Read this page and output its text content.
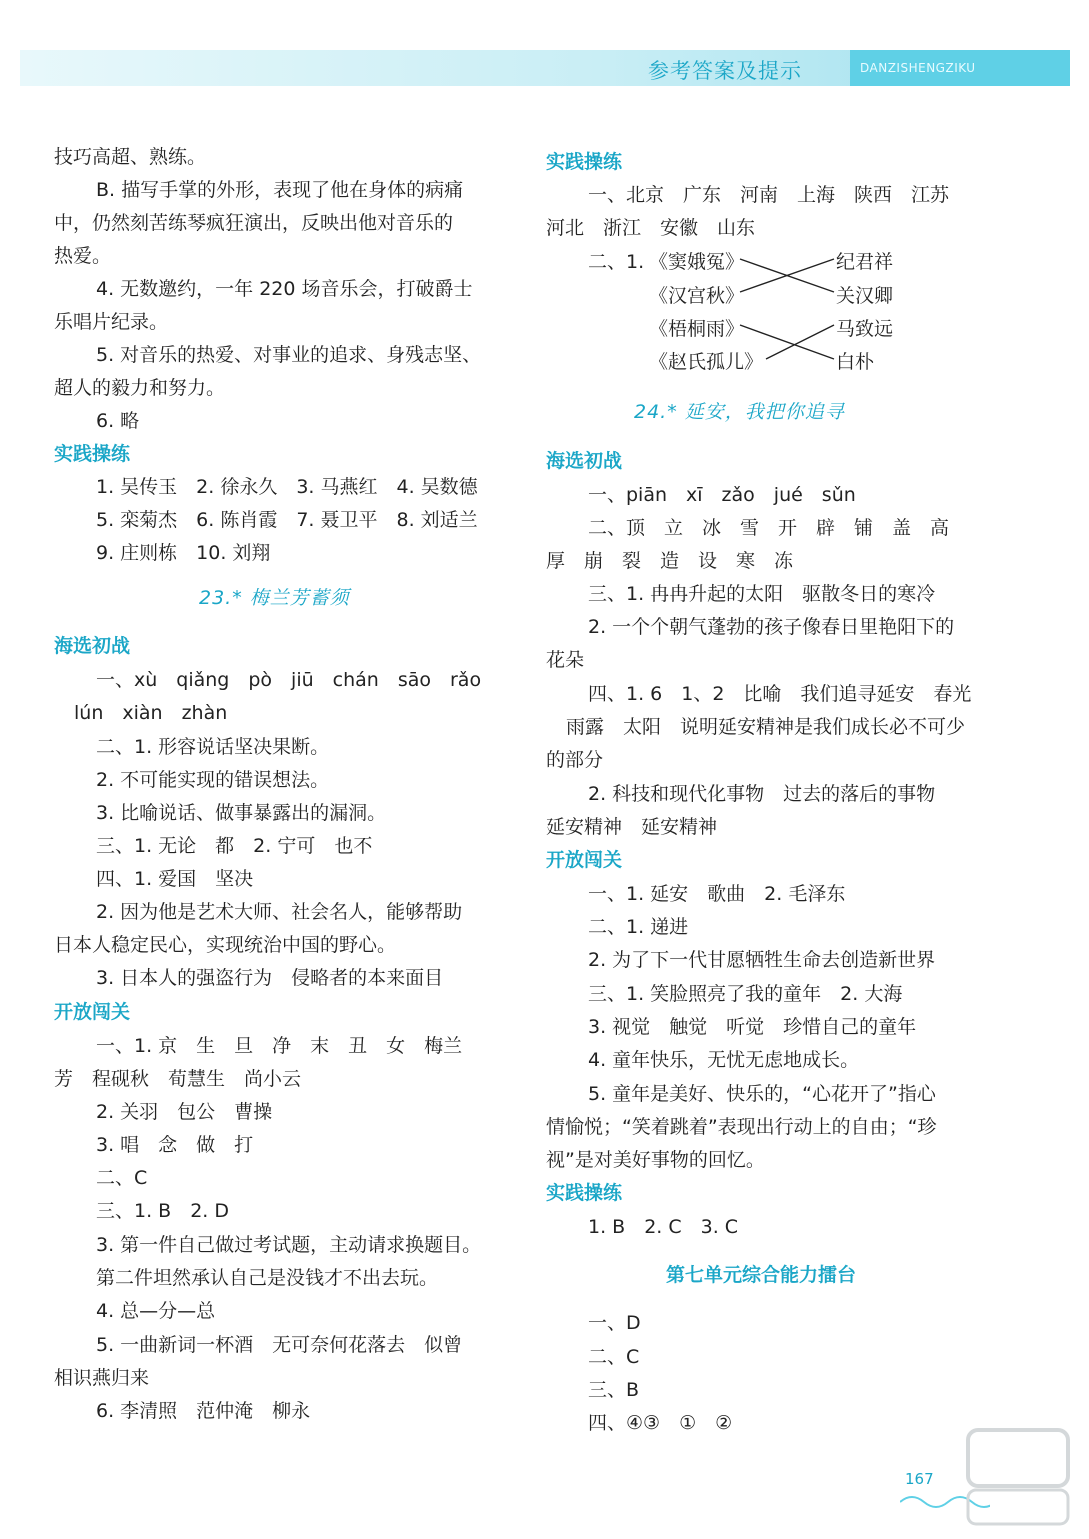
参考答案及提示	DANZISHENGZIKU
技巧高超、熟练。
B. 描写手掌的外形，表现了他在身体的病痛
中，仍然刻苦练琴疯狂演出，反映出他对音乐的
热爱。
4. 无数邀约，一年 220 场音乐会，打破爵士
乐唱片纪录。
5. 对音乐的热爱、对事业的追求、身残志坚、
超人的毅力和努力。
6. 略
实践操练
1. 吴传玉　2. 徐永久　3. 马燕红　4. 吴数德
5. 栾菊杰　6. 陈肖霞　7. 聂卫平　8. 刘适兰
9. 庄则栋　10. 刘翔
23.* 梅兰芳蓄须
海选初战
一、xù　qiǎng　pò　jiū　chán　sāo　rǎo
lún　xiàn　zhàn
二、1. 形容说话坚决果断。
2. 不可能实现的错误想法。
3. 比喻说话、做事暴露出的漏洞。
三、1. 无论　都　2. 宁可　也不
四、1. 爱国　坚决
2. 因为他是艺术大师、社会名人，能够帮助
日本人稳定民心，实现统治中国的野心。
3. 日本人的强盗行为　侵略者的本来面目
开放闯关
一、1. 京　生　旦　净　末　丑　女　梅兰
芳　程砚秋　荀慧生　尚小云
2. 关羽　包公　曹操
3. 唱　念　做　打
二、C
三、1. B　2. D
3. 第一件自己做过考试题，主动请求换题目。
第二件坦然承认自己是没钱才不出去玩。
4. 总—分—总
5. 一曲新词一杯酒　无可奈何花落去　似曾
相识燕归来
6. 李清照　范仲淹　柳永
实践操练
一、北京　广东　河南　上海　陕西　江苏
河北　浙江　安徽　山东
二、1. 《窦娥冤》
《汉宫秋》
《梧桐雨》
《赵氏孤儿》
纪君祥
关汉卿
马致远
白朴
24.* 延安，我把你追寻
海选初战
一、piān　xī　zǎo　jué　sǔn
二、顶　立　冰　雪　开　辟　铺　盖　高
厚　崩　裂　造　设　寒　冻
三、1. 冉冉升起的太阳　驱散冬日的寒冷
2. 一个个朝气蓬勃的孩子像春日里艳阳下的
花朵
四、1. 6　1、2　比喻　我们追寻延安　春光
雨露　太阳　说明延安精神是我们成长必不可少
的部分
2. 科技和现代化事物　过去的落后的事物
延安精神　延安精神
开放闯关
一、1. 延安　歌曲　2. 毛泽东
二、1. 递进
2. 为了下一代甘愿牺牲生命去创造新世界
三、1. 笑脸照亮了我的童年　2. 大海
3. 视觉　触觉　听觉　珍惜自己的童年
4. 童年快乐，无忧无虑地成长。
5. 童年是美好、快乐的，“心花开了”指心
情愉悦；“笑着跳着”表现出行动上的自由；“珍
视”是对美好事物的回忆。
实践操练
1. B　2. C　3. C
第七单元综合能力擂台
一、D
二、C
三、B
四、④③　①　②
167
